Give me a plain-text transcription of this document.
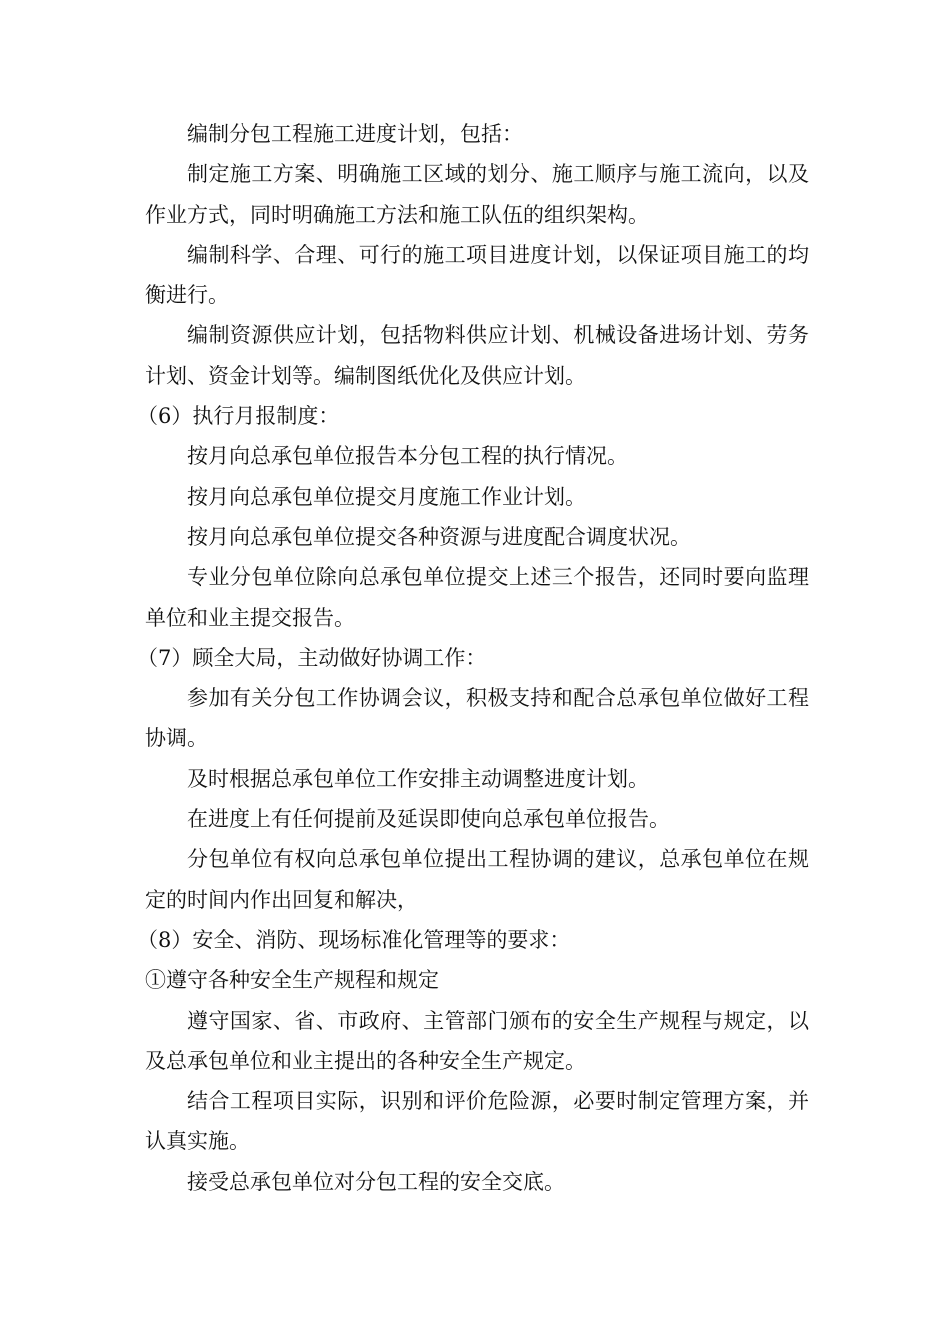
编制分包工程施工进度计划，包括：

制定施工方案、明确施工区域的划分、施工顺序与施工流向，以及作业方式，同时明确施工方法和施工队伍的组织架构。

编制科学、合理、可行的施工项目进度计划，以保证项目施工的均衡进行。

编制资源供应计划，包括物料供应计划、机械设备进场计划、劳务计划、资金计划等。编制图纸优化及供应计划。

（6）执行月报制度：

按月向总承包单位报告本分包工程的执行情况。

按月向总承包单位提交月度施工作业计划。

按月向总承包单位提交各种资源与进度配合调度状况。

专业分包单位除向总承包单位提交上述三个报告，还同时要向监理单位和业主提交报告。

（7）顾全大局，主动做好协调工作：

参加有关分包工作协调会议，积极支持和配合总承包单位做好工程协调。

及时根据总承包单位工作安排主动调整进度计划。

在进度上有任何提前及延误即使向总承包单位报告。

分包单位有权向总承包单位提出工程协调的建议，总承包单位在规定的时间内作出回复和解决，

（8）安全、消防、现场标准化管理等的要求：

①遵守各种安全生产规程和规定

遵守国家、省、市政府、主管部门颁布的安全生产规程与规定，以及总承包单位和业主提出的各种安全生产规定。

结合工程项目实际，识别和评价危险源，必要时制定管理方案，并认真实施。

接受总承包单位对分包工程的安全交底。
